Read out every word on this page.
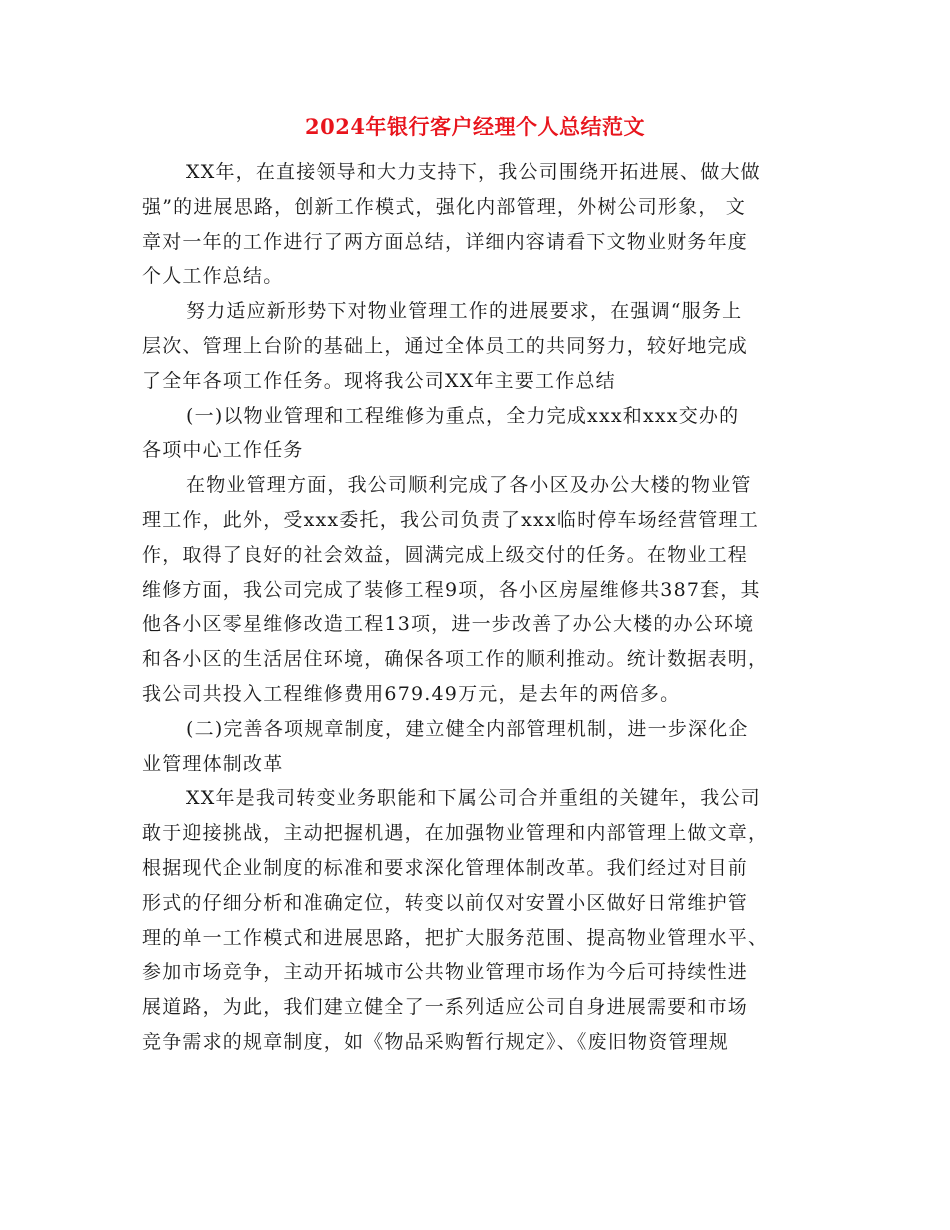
2024年银行客户经理个人总结范文
XX年，在直接领导和大力支持下，我公司围绕开拓进展、做大做
强”的进展思路，创新工作模式，强化内部管理，外树公司形象， 文
章对一年的工作进行了两方面总结，详细内容请看下文物业财务年度
个人工作总结。
努力适应新形势下对物业管理工作的进展要求，在强调“服务上
层次、管理上台阶的基础上，通过全体员工的共同努力，较好地完成
了全年各项工作任务。现将我公司XX年主要工作总结
(一)以物业管理和工程维修为重点，全力完成xxx和xxx交办的
各项中心工作任务
在物业管理方面，我公司顺利完成了各小区及办公大楼的物业管
理工作，此外，受xxx委托，我公司负责了xxx临时停车场经营管理工
作，取得了良好的社会效益，圆满完成上级交付的任务。在物业工程
维修方面，我公司完成了装修工程9项，各小区房屋维修共387套，其
他各小区零星维修改造工程13项，进一步改善了办公大楼的办公环境
和各小区的生活居住环境，确保各项工作的顺利推动。统计数据表明，
我公司共投入工程维修费用679.49万元，是去年的两倍多。
(二)完善各项规章制度，建立健全内部管理机制，进一步深化企
业管理体制改革
XX年是我司转变业务职能和下属公司合并重组的关键年，我公司
敢于迎接挑战，主动把握机遇，在加强物业管理和内部管理上做文章，
根据现代企业制度的标准和要求深化管理体制改革。我们经过对目前
形式的仔细分析和准确定位，转变以前仅对安置小区做好日常维护管
理的单一工作模式和进展思路，把扩大服务范围、提高物业管理水平、
参加市场竞争，主动开拓城市公共物业管理市场作为今后可持续性进
展道路，为此，我们建立健全了一系列适应公司自身进展需要和市场
竞争需求的规章制度，如《物品采购暂行规定》、《废旧物资管理规
